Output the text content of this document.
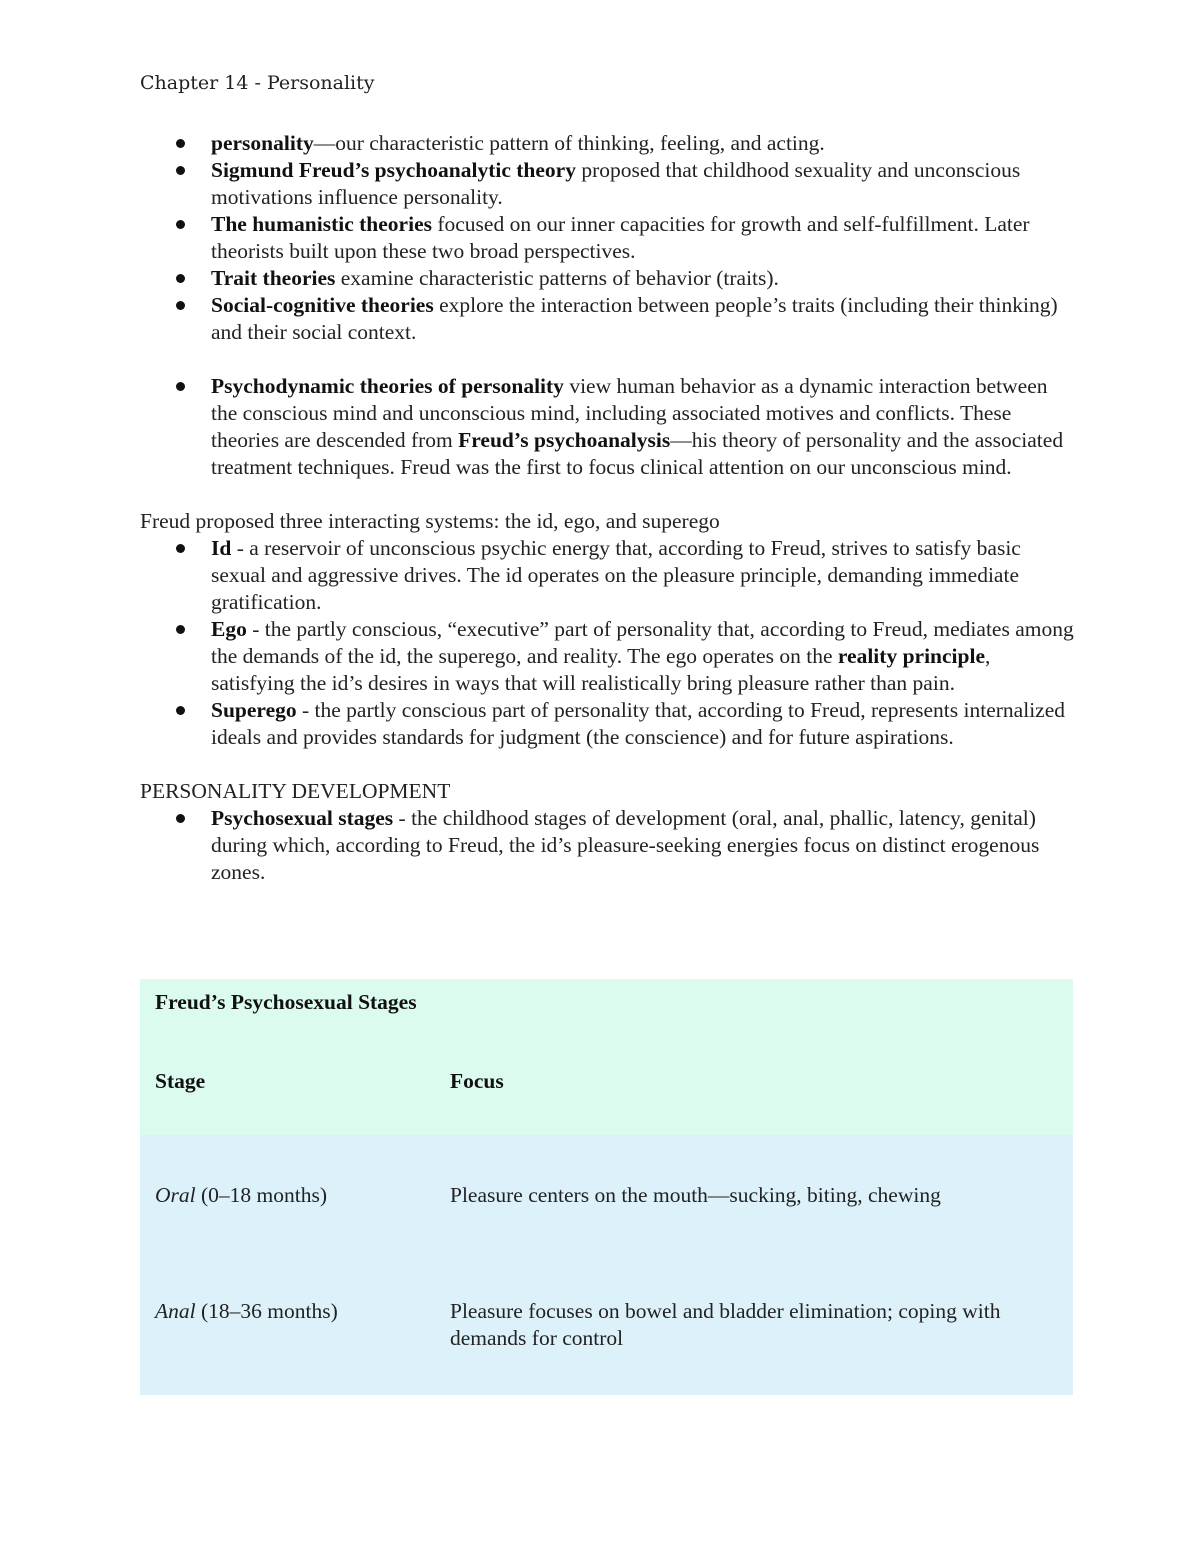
Chapter 14 - Personality
personality—our characteristic pattern of thinking, feeling, and acting.
Sigmund Freud’s psychoanalytic theory proposed that childhood sexuality and unconscious motivations influence personality.
The humanistic theories focused on our inner capacities for growth and self-fulfillment. Later theorists built upon these two broad perspectives.
Trait theories examine characteristic patterns of behavior (traits).
Social-cognitive theories explore the interaction between people’s traits (including their thinking) and their social context.
Psychodynamic theories of personality view human behavior as a dynamic interaction between the conscious mind and unconscious mind, including associated motives and conflicts. These theories are descended from Freud’s psychoanalysis—his theory of personality and the associated treatment techniques. Freud was the first to focus clinical attention on our unconscious mind.

Freud proposed three interacting systems: the id, ego, and superego

Id - a reservoir of unconscious psychic energy that, according to Freud, strives to satisfy basic sexual and aggressive drives. The id operates on the pleasure principle, demanding immediate gratification.
Ego - the partly conscious, “executive” part of personality that, according to Freud, mediates among the demands of the id, the superego, and reality. The ego operates on the reality principle, satisfying the id’s desires in ways that will realistically bring pleasure rather than pain.
Superego - the partly conscious part of personality that, according to Freud, represents internalized ideals and provides standards for judgment (the conscience) and for future aspirations.

PERSONALITY DEVELOPMENT

Psychosexual stages - the childhood stages of development (oral, anal, phallic, latency, genital) during which, according to Freud, the id’s pleasure-seeking energies focus on distinct erogenous zones.
Freud’s Psychosexual Stages
Stage	Focus
Oral (0–18 months)	Pleasure centers on the mouth—sucking, biting, chewing
Anal (18–36 months)	Pleasure focuses on bowel and bladder elimination; coping with demands for control
